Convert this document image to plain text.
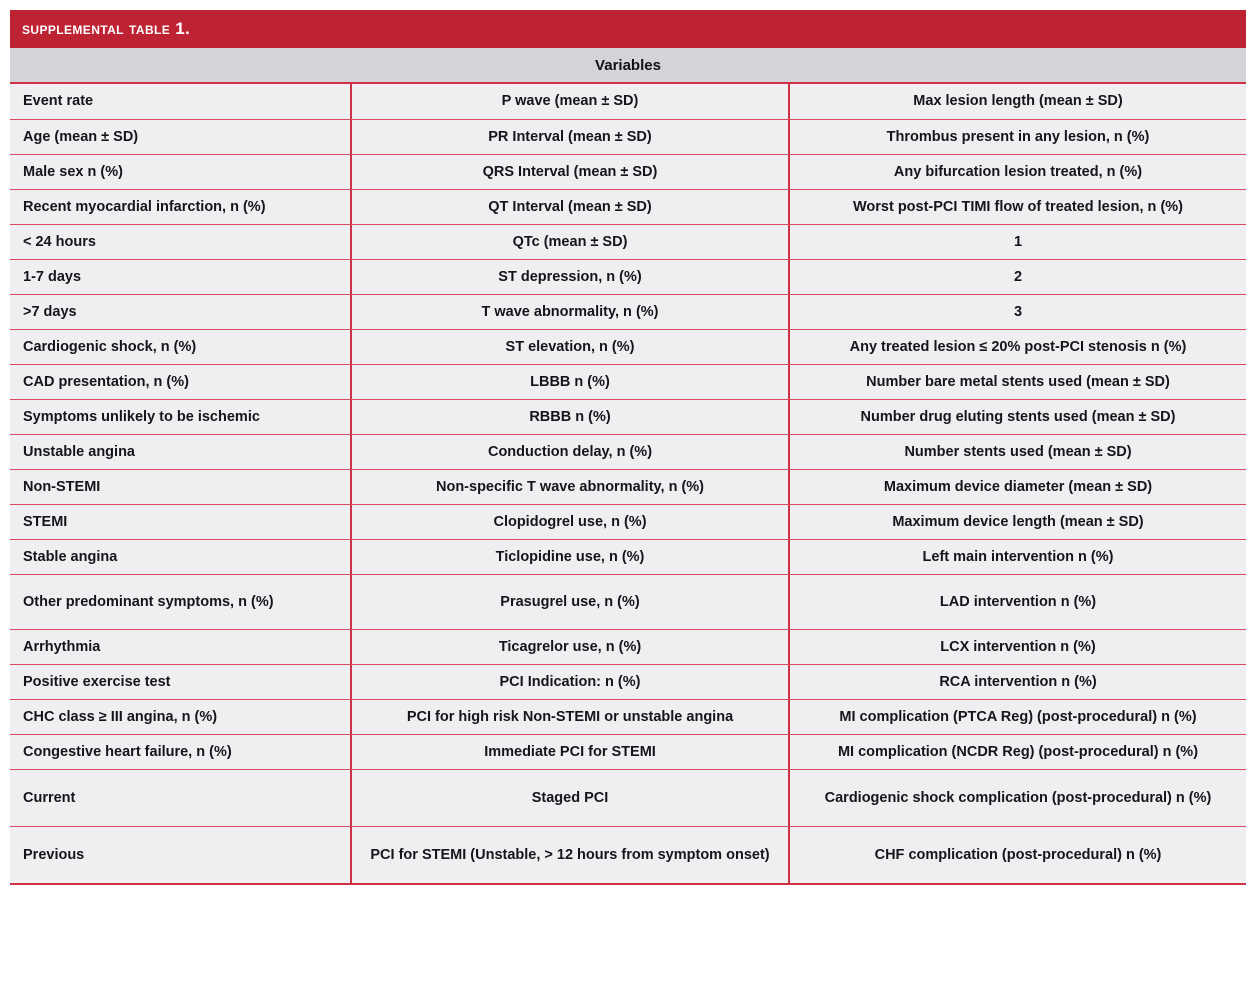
supplemental table 1.
Variables
Event rate	P wave (mean ± SD)	Max lesion length (mean ± SD)
Age (mean ± SD)	PR Interval (mean ± SD)	Thrombus present in any lesion, n (%)
Male sex n (%)	QRS Interval (mean ± SD)	Any bifurcation lesion treated, n (%)
Recent myocardial infarction, n (%)	QT Interval (mean ± SD)	Worst post-PCI TIMI flow of treated lesion, n (%)
< 24 hours	QTc (mean ± SD)	1
1-7 days	ST depression, n (%)	2
>7 days	T wave abnormality, n (%)	3
Cardiogenic shock, n (%)	ST elevation, n (%)	Any treated lesion ≤ 20% post-PCI stenosis n (%)
CAD presentation, n (%)	LBBB n (%)	Number bare metal stents used (mean ± SD)
Symptoms unlikely to be ischemic	RBBB n (%)	Number drug eluting stents used (mean ± SD)
Unstable angina	Conduction delay, n (%)	Number stents used (mean ± SD)
Non-STEMI	Non-specific T wave abnormality, n (%)	Maximum device diameter (mean ± SD)
STEMI	Clopidogrel use, n (%)	Maximum device length (mean ± SD)
Stable angina	Ticlopidine use, n (%)	Left main intervention n (%)
Other predominant symptoms, n (%)	Prasugrel use, n (%)	LAD intervention n (%)
Arrhythmia	Ticagrelor use, n (%)	LCX intervention n (%)
Positive exercise test	PCI Indication: n (%)	RCA intervention n (%)
CHC class ≥ III angina, n (%)	PCI for high risk Non-STEMI or unstable angina	MI complication (PTCA Reg) (post-procedural) n (%)
Congestive heart failure, n (%)	Immediate PCI for STEMI	MI complication (NCDR Reg) (post-procedural) n (%)
Current	Staged PCI	Cardiogenic shock complication (post-procedural) n (%)
Previous	PCI for STEMI (Unstable, > 12 hours from symptom onset)	CHF complication (post-procedural) n (%)
